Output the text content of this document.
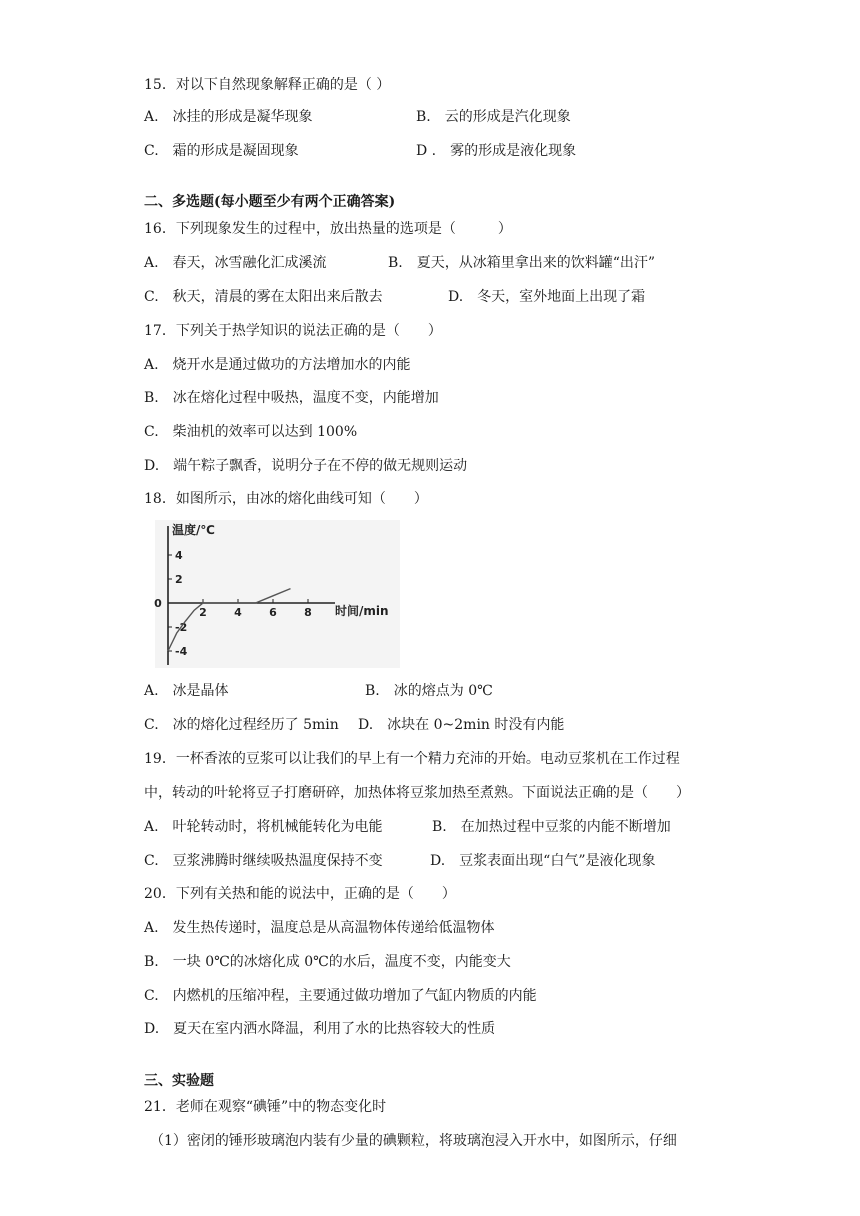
15．对以下自然现象解释正确的是（ ）
A.　冰挂的形成是凝华现象	B.　云的形成是汽化现象
C.　霜的形成是凝固现象	D .　雾的形成是液化现象
二、多选题(每小题至少有两个正确答案)
16．下列现象发生的过程中，放出热量的选项是（　　　）
A.　春天，冰雪融化汇成溪流	B.　夏天，从冰箱里拿出来的饮料罐“出汗”
C.　秋天，清晨的雾在太阳出来后散去	D.　冬天，室外地面上出现了霜
17．下列关于热学知识的说法正确的是（　　）
A.　烧开水是通过做功的方法增加水的内能
B.　冰在熔化过程中吸热，温度不变，内能增加
C.　柴油机的效率可以达到 100%
D.　端午粽子飘香，说明分子在不停的做无规则运动
18．如图所示，由冰的熔化曲线可知（　　）
温度/℃
时间/min
0
4
2
-2
-4
2 4 6 8
A.　冰是晶体	B.　冰的熔点为 0℃
C.　冰的熔化过程经历了 5min D.　冰块在 0~2min 时没有内能
19．一杯香浓的豆浆可以让我们的早上有一个精力充沛的开始。电动豆浆机在工作过程
中，转动的叶轮将豆子打磨研碎，加热体将豆浆加热至煮熟。下面说法正确的是（　　）
A.　叶轮转动时，将机械能转化为电能	B.　在加热过程中豆浆的内能不断增加
C.　豆浆沸腾时继续吸热温度保持不变	D.　豆浆表面出现“白气”是液化现象
20．下列有关热和能的说法中，正确的是（　　）
A.　发生热传递时，温度总是从高温物体传递给低温物体
B.　一块 0℃的冰熔化成 0℃的水后，温度不变，内能变大
C.　内燃机的压缩冲程，主要通过做功增加了气缸内物质的内能
D.　夏天在室内洒水降温，利用了水的比热容较大的性质
三、实验题
21．老师在观察“碘锤”中的物态变化时
（1）密闭的锤形玻璃泡内装有少量的碘颗粒，将玻璃泡浸入开水中，如图所示，仔细
